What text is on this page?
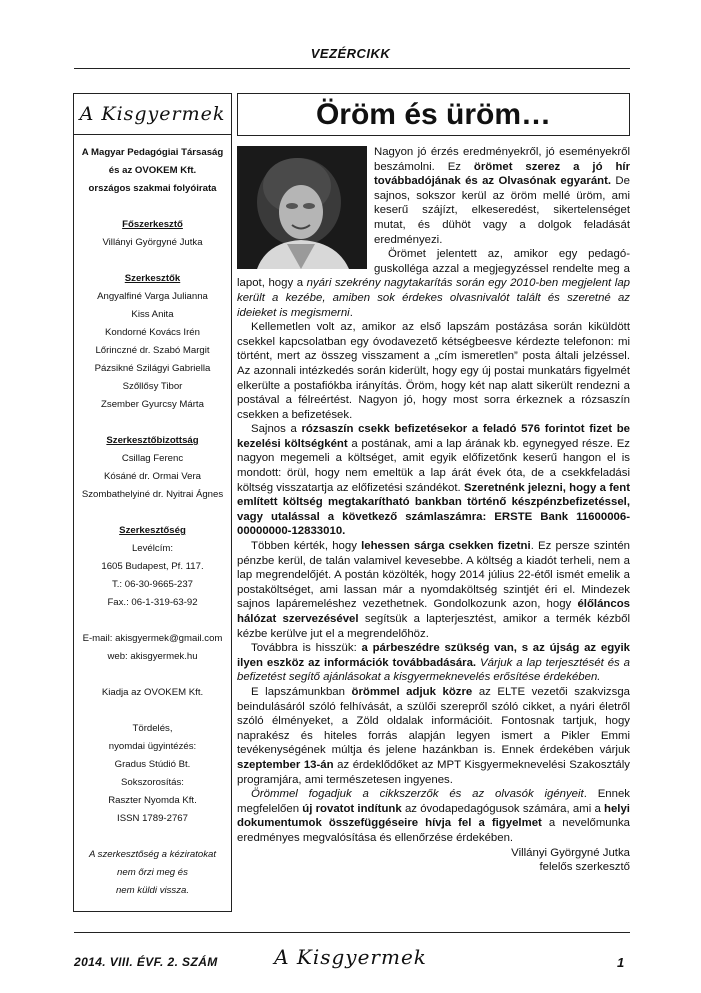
VEZÉRCIKK
A Kisgyermek
A Magyar Pedagógiai Társaság
és az OVOKEM Kft.
országos szakmai folyóirata
Főszerkesztő
Villányi Györgyné Jutka
Szerkesztők
Angyalfiné Varga Julianna
Kiss Anita
Kondorné Kovács Irén
Lőrinczné dr. Szabó Margit
Pázsikné Szilágyi Gabriella
Szőllősy Tibor
Zsember Gyurcsy Márta
Szerkesztőbizottság
Csillag Ferenc
Kósáné dr. Ormai Vera
Szombathelyiné dr. Nyitrai Ágnes
Szerkesztőség
Levélcím:
1605 Budapest, Pf. 117.
T.: 06-30-9665-237
Fax.: 06-1-319-63-92
E-mail: akisgyermek@gmail.com
web: akisgyermek.hu
Kiadja az OVOKEM Kft.
Tördelés,
nyomdai ügyintézés:
Gradus Stúdió Bt.
Sokszorosítás:
Raszter Nyomda Kft.
ISSN 1789-2767
A szerkesztőség a kéziratokat
nem őrzi meg és
nem küldi vissza.
Öröm és üröm…

Nagyon jó érzés eredményekről, jó eseményekről beszámolni. Ez örömet szerez a jó hír továbbadójának és az Olvasónak egyaránt. De sajnos, sokszor kerül az öröm mellé üröm, ami keserű szájízt, elkeseredést, sikertelenséget mutat, és dühöt vagy a dolgok feladását eredményezi.

Örömet jelentett az, amikor egy pedagóguskolléga azzal a megjegyzéssel rendelte meg a lapot, hogy a nyári szekrény nagytakarítás során egy 2010-ben megjelent lap került a kezébe, amiben sok érdekes olvasnivalót talált és szeretné az ideieket is megismerni.

Kellemetlen volt az, amikor az első lapszám postázása során kiküldött csekkel kapcsolatban egy óvodavezető kétségbeesve kérdezte telefonon: mi történt, mert az összeg visszament a „cím ismeretlen” posta általi jelzéssel. Az azonnali intézkedés során kiderült, hogy egy új postai munkatárs figyelmét elkerülte a postafiókba irányítás. Öröm, hogy két nap alatt sikerült rendezni a postával a félreértést. Nagyon jó, hogy most sorra érkeznek a rózsaszín csekken a befizetések.

Sajnos a rózsaszín csekk befizetésekor a feladó 576 forintot fizet be kezelési költségként a postának, ami a lap árának kb. egynegyed része. Ez nagyon megemeli a költséget, amit egyik előfizetőnk keserű hangon el is mondott: örül, hogy nem emeltük a lap árát évek óta, de a csekkfeladási költség visszatartja az előfizetési szándékot. Szeretnénk jelezni, hogy a fent említett költség megtakarítható bankban történő készpénzbefizetéssel, vagy utalással a következő számlaszámra: ERSTE Bank 11600006-00000000-12833010.

Többen kérték, hogy lehessen sárga csekken fizetni. Ez persze szintén pénzbe kerül, de talán valamivel kevesebbe. A költség a kiadót terheli, nem a lap megrendelőjét. A postán közölték, hogy 2014 július 22-étől ismét emelik a postaköltséget, ami lassan már a nyomdaköltség szintjét éri el. Mindezek sajnos lapáremeléshez vezethetnek. Gondolkozunk azon, hogy élőláncos hálózat szervezésével segítsük a lapterjesztést, amikor a termék kézből kézbe kerülve jut el a megrendelőhöz.

Továbbra is hisszük: a párbeszédre szükség van, s az újság az egyik ilyen eszköz az információk továbbadására. Várjuk a lap terjesztését és a befizetést segítő ajánlásokat a kisgyermeknevelés erősítése érdekében.

E lapszámunkban örömmel adjuk közre az ELTE vezetői szakvizsga beindulásáról szóló felhívását, a szülői szerepről szóló cikket, a nyári életről szóló élményeket, a Zöld oldalak információit. Fontosnak tartjuk, hogy naprakész és hiteles forrás alapján legyen ismert a Pikler Emmi tevékenységének múltja és jelene hazánkban is. Ennek érdekében várjuk szeptember 13-án az érdeklődőket az MPT Kisgyermeknevelési Szakosztály programjára, ami természetesen ingyenes.

Örömmel fogadjuk a cikkszerzők és az olvasók igényeit. Ennek megfelelően új rovatot indítunk az óvodapedagógusok számára, ami a helyi dokumentumok összefüggéseire hívja fel a figyelmet a nevelőmunka eredményes megvalósítása és ellenőrzése érdekében.

Villányi Györgyné Jutka

felelős szerkesztő

2014. VIII. ÉVF. 2. SZÁM	A Kisgyermek	1
